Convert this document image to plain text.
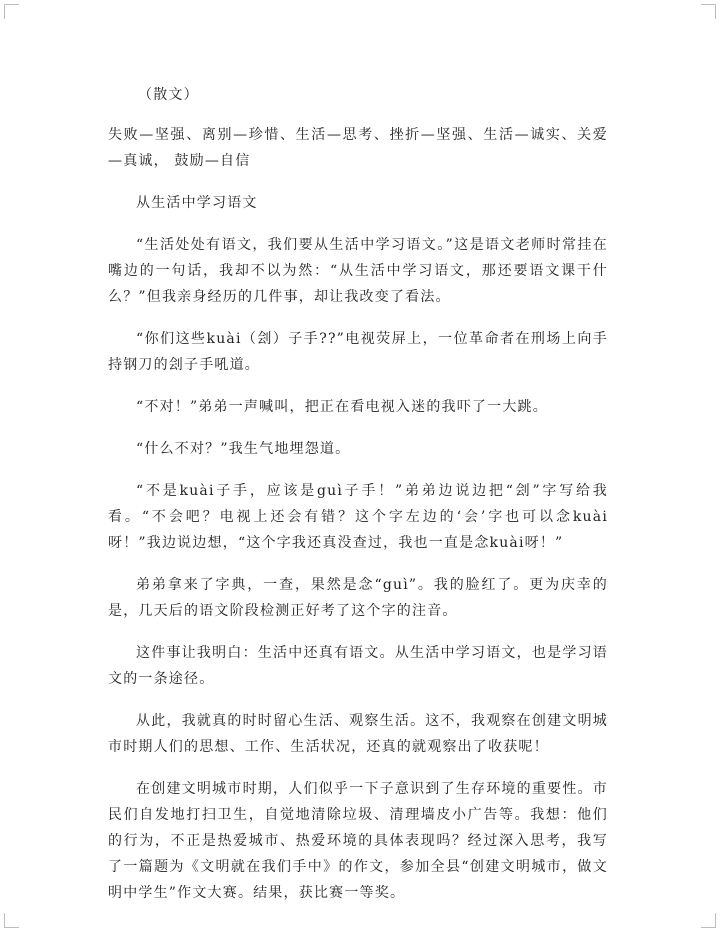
（散文）

失败—坚强、离别—珍惜、生活—思考、挫折—坚强、生活—诚实、关爱—真诚， 鼓励—自信

从生活中学习语文

“生活处处有语文，我们要从生活中学习语文。”这是语文老师时常挂在嘴边的一句话，我却不以为然：“从生活中学习语文，那还要语文课干什么？”但我亲身经历的几件事，却让我改变了看法。

“你们这些kuài（刽）子手??”电视荧屏上，一位革命者在刑场上向手持钢刀的刽子手吼道。

“不对！”弟弟一声喊叫，把正在看电视入迷的我吓了一大跳。

“什么不对？”我生气地埋怨道。

“不是kuài子手，应该是guì子手！”弟弟边说边把“刽”字写给我看。“不会吧？电视上还会有错？这个字左边的‘会’字也可以念kuài呀！”我边说边想，“这个字我还真没查过，我也一直是念kuài呀！”

弟弟拿来了字典，一查，果然是念“guì”。我的脸红了。更为庆幸的是，几天后的语文阶段检测正好考了这个字的注音。

这件事让我明白：生活中还真有语文。从生活中学习语文，也是学习语文的一条途径。

从此，我就真的时时留心生活、观察生活。这不，我观察在创建文明城市时期人们的思想、工作、生活状况，还真的就观察出了收获呢！

在创建文明城市时期，人们似乎一下子意识到了生存环境的重要性。市民们自发地打扫卫生，自觉地清除垃圾、清理墙皮小广告等。我想：他们的行为，不正是热爱城市、热爱环境的具体表现吗？经过深入思考，我写了一篇题为《文明就在我们手中》的作文，参加全县“创建文明城市，做文明中学生”作文大赛。结果，获比赛一等奖。
